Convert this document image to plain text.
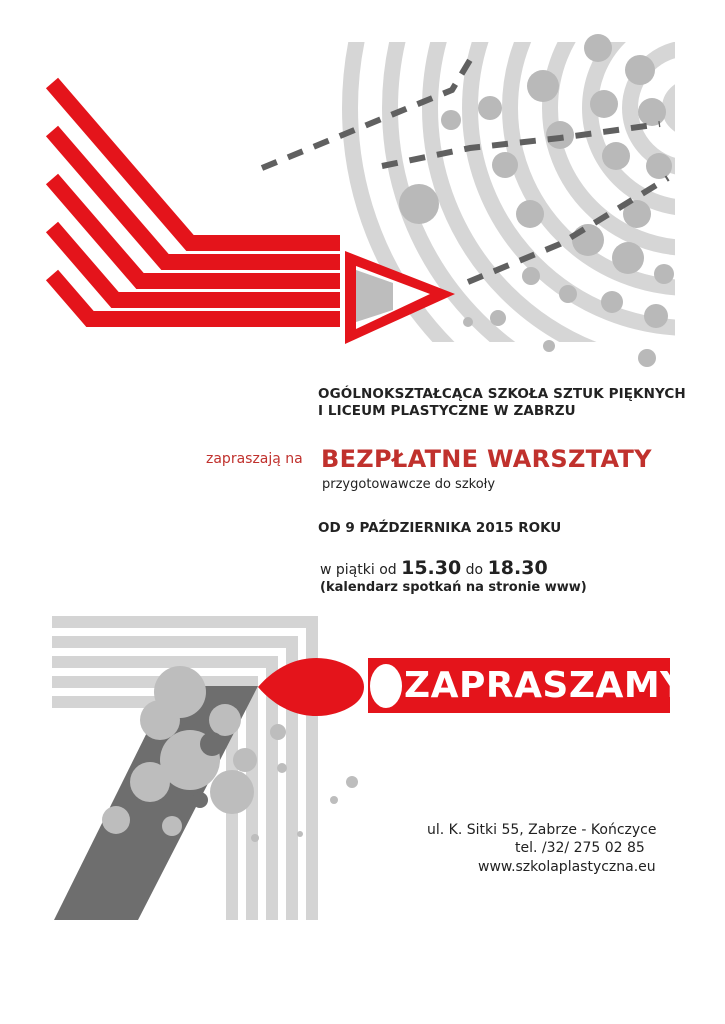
OGÓLNOKSZTAŁCĄCA SZKOŁA SZTUK PIĘKNYCH
I LICEUM PLASTYCZNE W ZABRZU
zapraszają na BEZPŁATNE WARSZTATY
przygotowawcze do szkoły
OD 9 PAŹDZIERNIKA 2015 ROKU
w piątki od 15.30 do 18.30
(kalendarz spotkań na stronie www)
ZAPRASZAMY
ul. K. Sitki 55, Zabrze - Kończyce
tel. /32/ 275 02 85
www.szkolaplastyczna.eu
